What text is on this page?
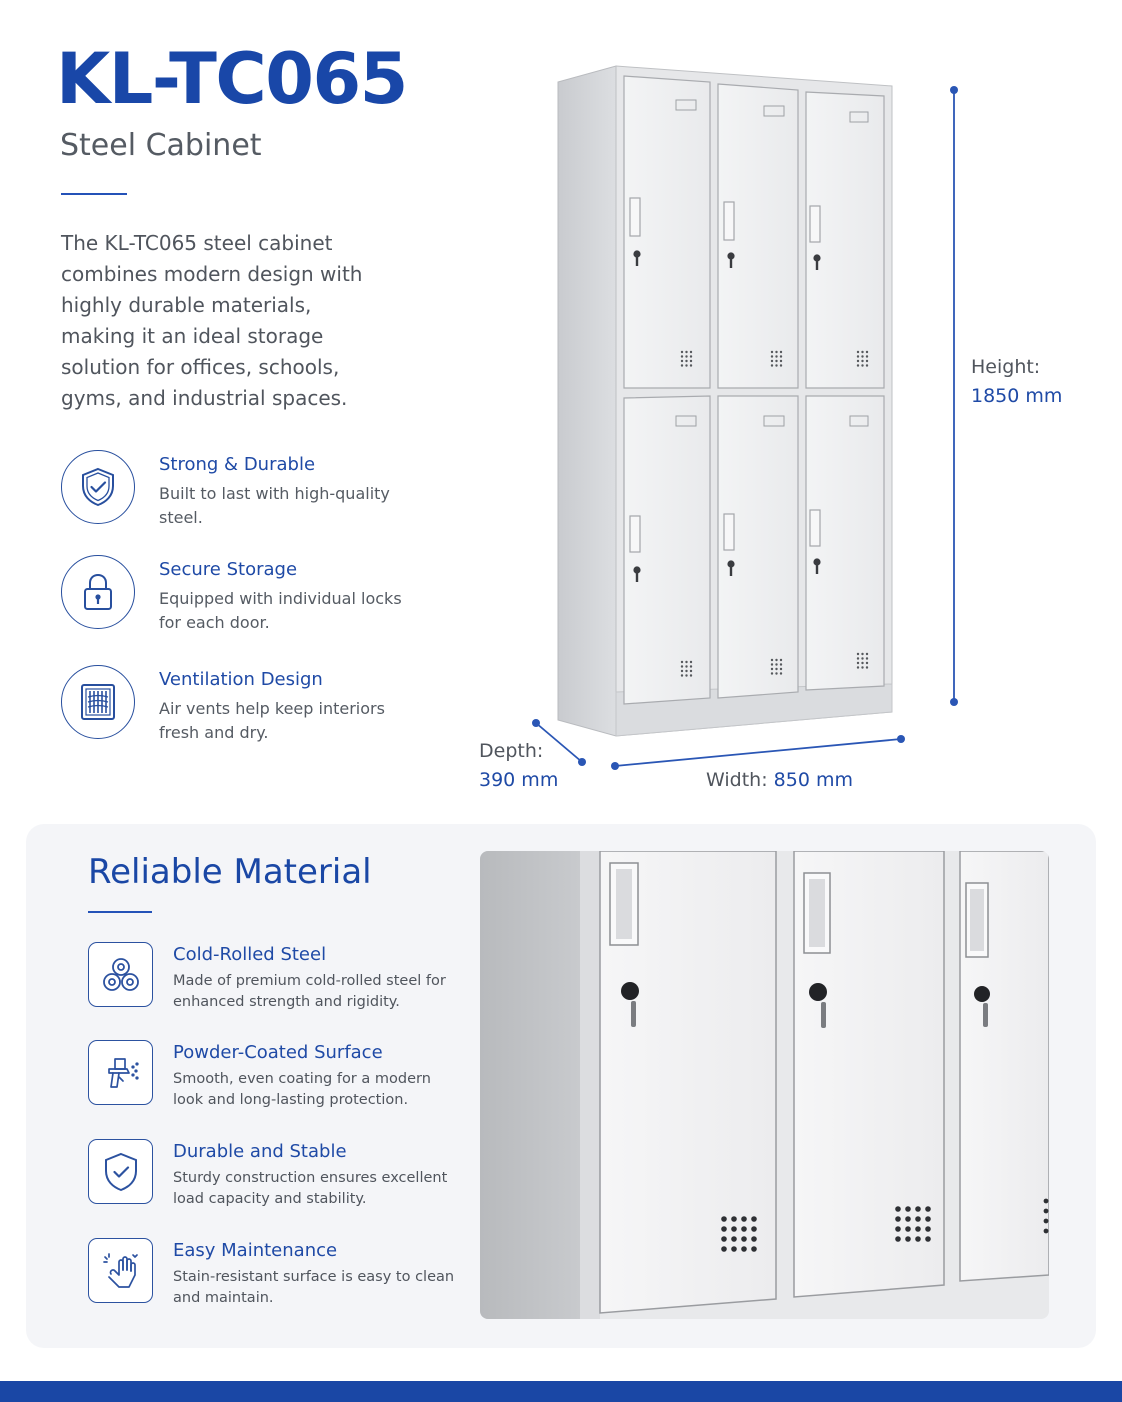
KL-TC065
Steel Cabinet
The KL-TC065 steel cabinet combines modern design with highly durable materials, making it an ideal storage solution for offices, schools, gyms, and industrial spaces.
Strong & Durable
Built to last with high-quality steel.
Secure Storage
Equipped with individual locks for each door.
Ventilation Design
Air vents help keep interiors fresh and dry.
Height:
1850 mm
Depth:
390 mm	Width: 850 mm
Reliable Material
Cold-Rolled Steel
Made of premium cold-rolled steel for enhanced strength and rigidity.
Powder-Coated Surface
Smooth, even coating for a modern look and long-lasting protection.
Durable and Stable
Sturdy construction ensures excellent load capacity and stability.
Easy Maintenance
Stain-resistant surface is easy to clean and maintain.
